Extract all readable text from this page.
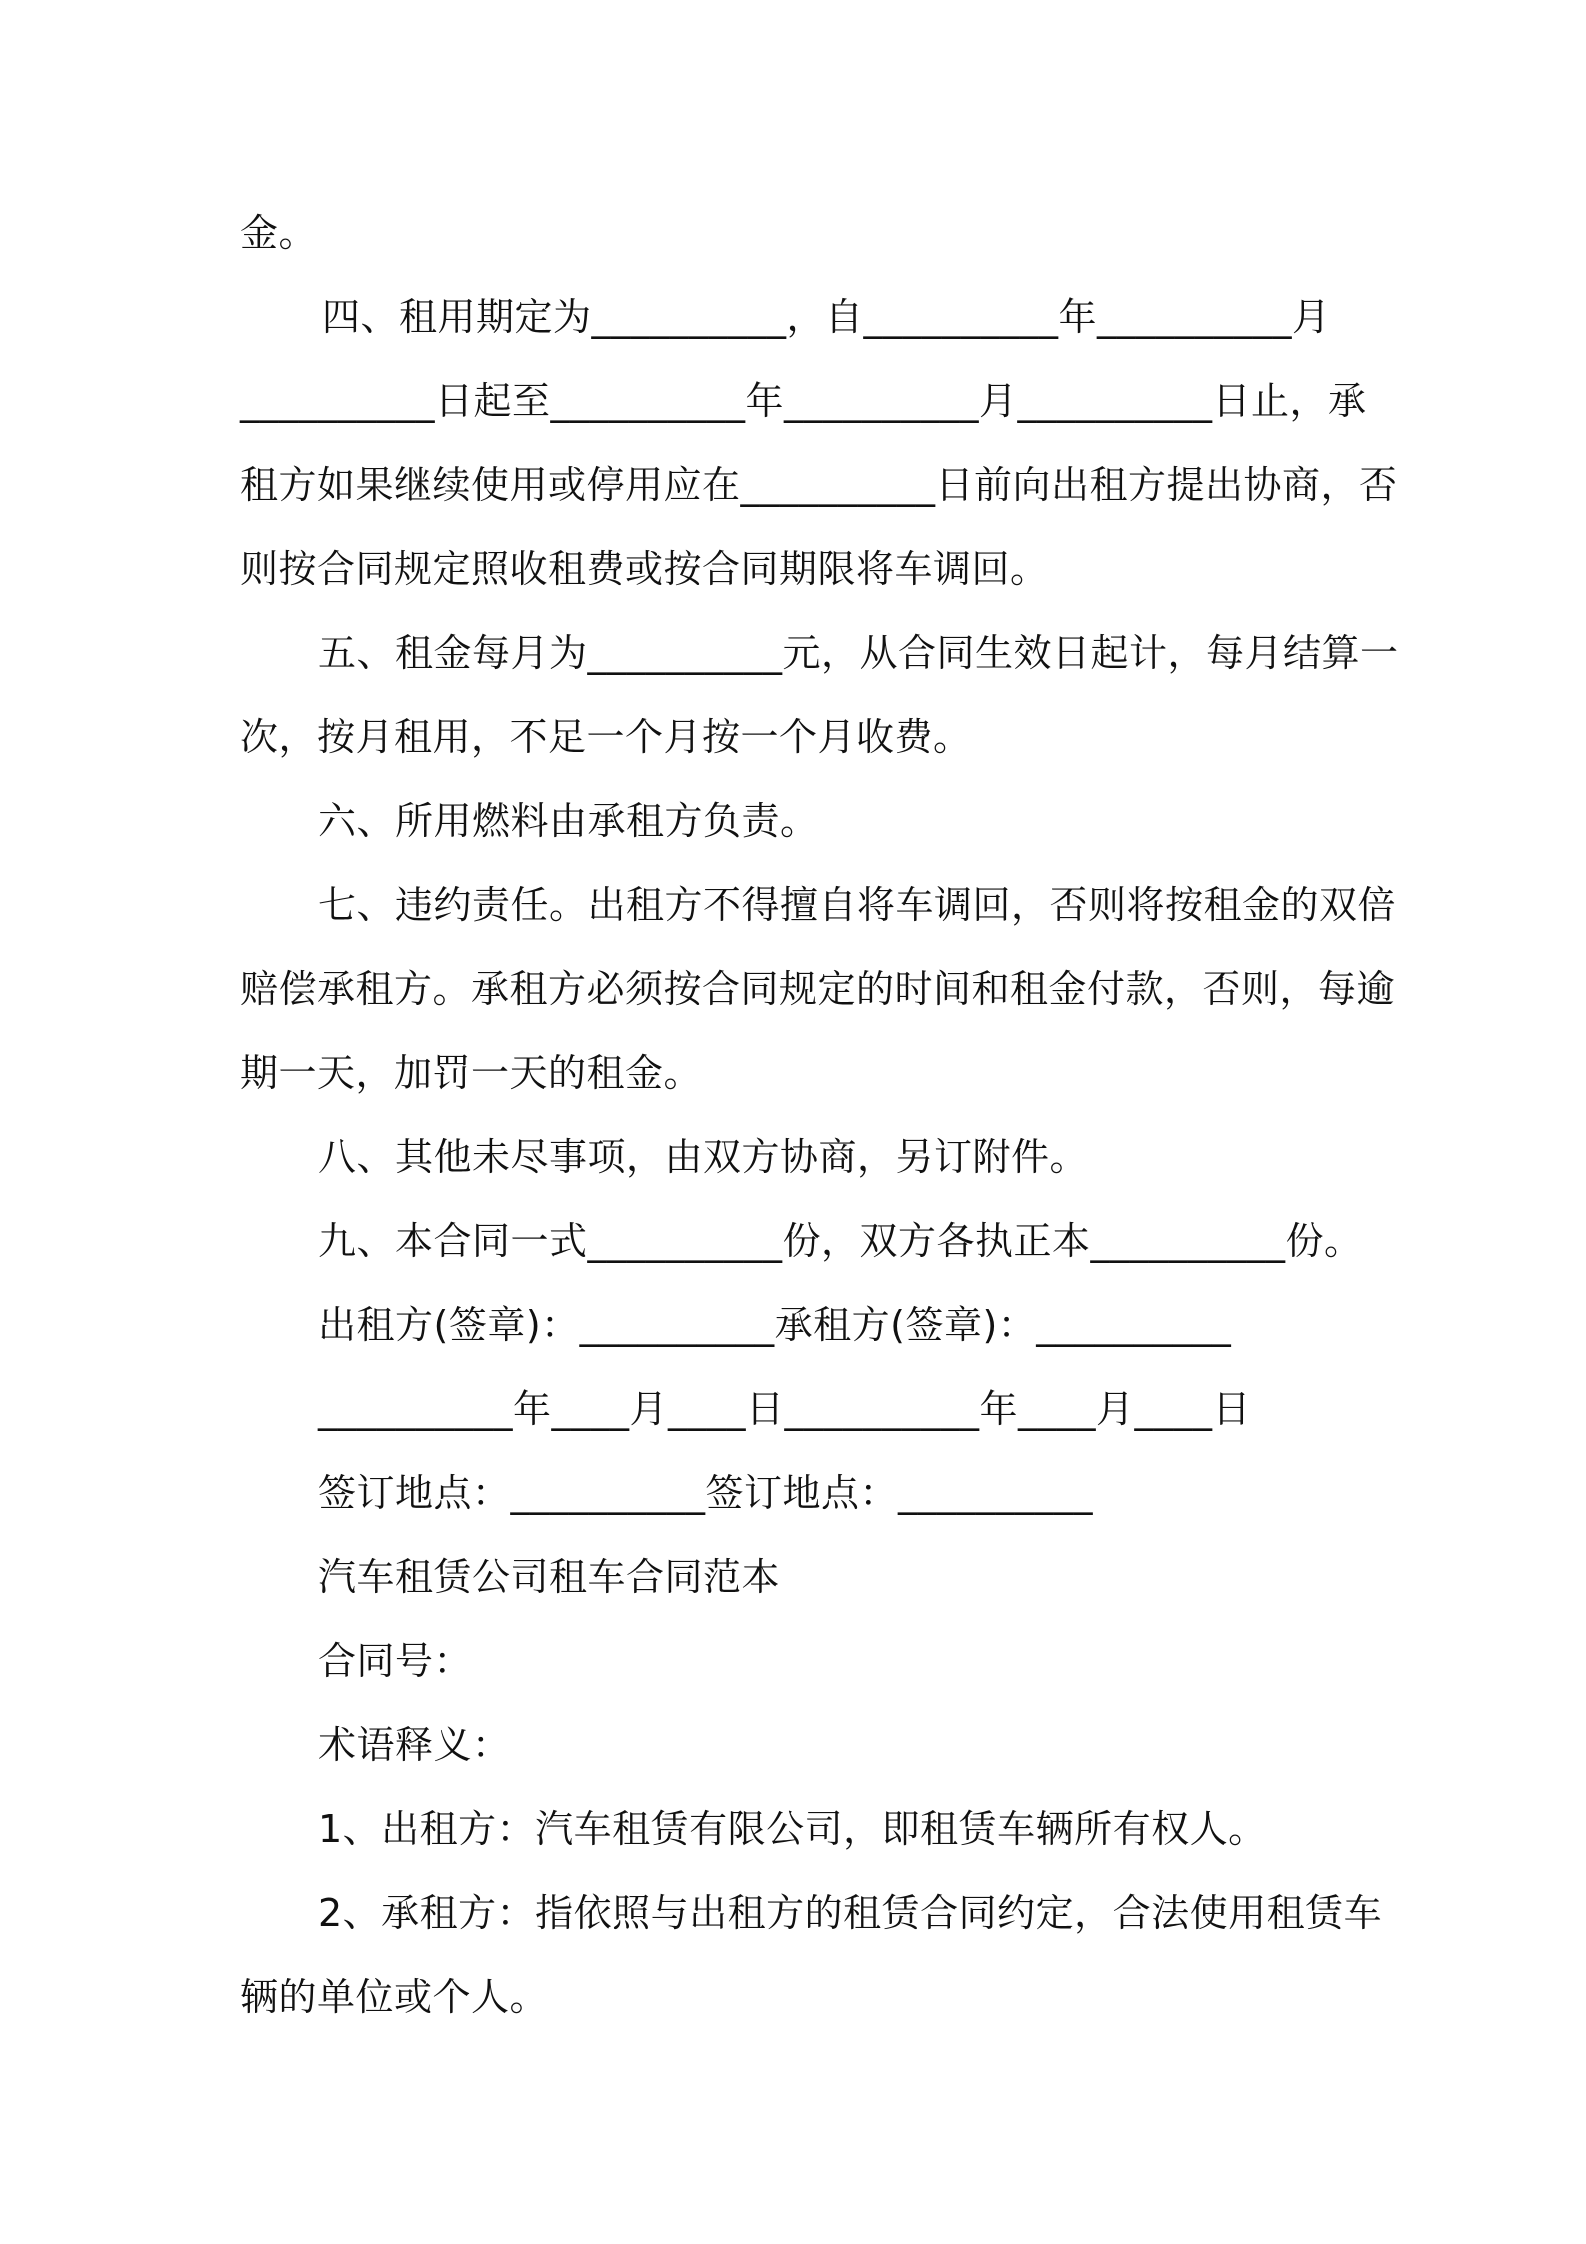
金。
四、租用期定为__________，自__________年__________月
__________日起至__________年__________月__________日止，承
租方如果继续使用或停用应在__________日前向出租方提出协商，否
则按合同规定照收租费或按合同期限将车调回。
五、租金每月为__________元，从合同生效日起计，每月结算一
次，按月租用，不足一个月按一个月收费。
六、所用燃料由承租方负责。
七、违约责任。出租方不得擅自将车调回，否则将按租金的双倍
赔偿承租方。承租方必须按合同规定的时间和租金付款，否则，每逾
期一天，加罚一天的租金。
八、其他未尽事项，由双方协商，另订附件。
九、本合同一式__________份，双方各执正本__________份。
出租方(签章)：__________承租方(签章)：__________
__________年____月____日__________年____月____日
签订地点：__________签订地点：__________
汽车租赁公司租车合同范本
合同号：
术语释义：
1、出租方：汽车租赁有限公司，即租赁车辆所有权人。
2、承租方：指依照与出租方的租赁合同约定，合法使用租赁车
辆的单位或个人。
